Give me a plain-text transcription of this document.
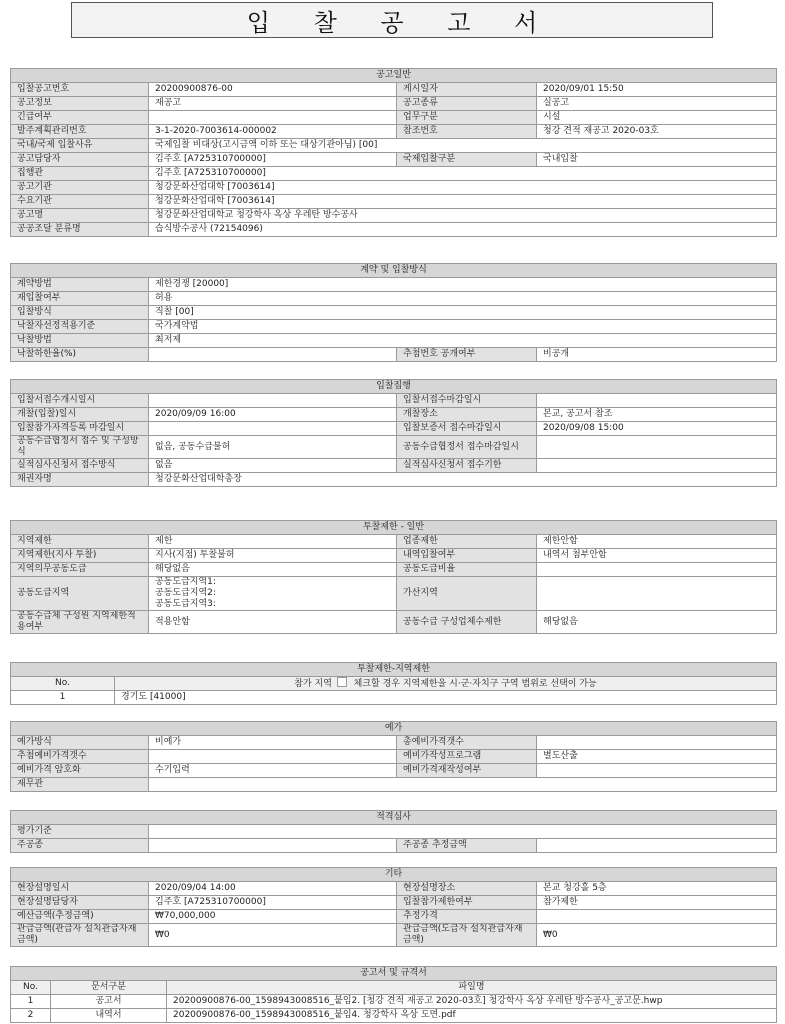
입 찰 공 고 서
공고일반			
입찰공고번호	20200900876-00	게시일자	2020/09/01 15:50
공고정보	재공고	공고종류	실공고
긴급여부		업무구분	시설
발주계획관리번호	3-1-2020-7003614-000002	참조번호	청강 견적 재공고 2020-03호
국내/국제 입찰사유	국제입찰 비대상(고시금액 이하 또는 대상기관아님) [00]		
공고담당자	김주호 [A725310700000]	국제입찰구분	국내입찰
집행관	김주호 [A725310700000]		
공고기관	청강문화산업대학 [7003614]		
수요기관	청강문화산업대학 [7003614]		
공고명	청강문화산업대학교 청강학사 옥상 우레탄 방수공사		
공공조달 분류명	습식방수공사 (72154096)		
계약 및 입찰방식			
계약방법	제한경쟁 [20000]		
재입찰여부	허용		
입찰방식	직찰 [00]		
낙찰자선정적용기준	국가계약법		
낙찰방법	최저제		
낙찰하한율(%)		추첨번호 공개여부	비공개
입찰집행			
입찰서접수개시일시		입찰서접수마감일시	
개찰(입찰)일시	2020/09/09 16:00	개찰장소	본교, 공고서 참조
입찰참가자격등록 마감일시		입찰보증서 접수마감일시	2020/09/08 15:00
공동수급협정서 접수 및 구성방식	없음, 공동수급불허	공동수급협정서 접수마감일시	
실적심사신청서 접수방식	없음	실적심사신청서 접수기한	
채권자명	청강문화산업대학총장		
투찰제한 - 일반			
지역제한	제한	업종제한	제한안함
지역제한(지사 투찰)	지사(지점) 투찰불허	내역입찰여부	내역서 첨부안함
지역의무공동도급	해당없음	공동도급비율	
공동도급지역	공동도급지역1:
공동도급지역2:
공동도급지역3:	가산지역	
공동수급체 구성원 지역제한적용여부	적용안함	공동수급 구성업체수제한	해당없음
투찰제한-지역제한	
No.	참가 지역 체크할 경우 지역제한을 시·군·자치구 구역 범위로 선택이 가능
1	경기도 [41000]
예가			
예가방식	비예가	총예비가격갯수	
추첨예비가격갯수		예비가작성프로그램	별도산출
예비가격 암호화	수기입력	예비가격재작성여부	
재무관			
적격심사			
평가기준			
주공종		주공종 추정금액	
기타			
현장설명일시	2020/09/04 14:00	현장설명장소	본교 청강홀 5층
현장설명담당자	김주호 [A725310700000]	입찰참가제한여부	참가제한
예산금액(추정금액)	₩70,000,000	추정가격	
관급금액(관급자 설치관급자재금액)	₩0	관급금액(도급자 설치관급자재금액)	₩0
공고서 및 규격서		
No.	문서구분	파일명
1	공고서	20200900876-00_1598943008516_붙임2. [청강 견적 재공고 2020-03호] 청강학사 옥상 우레탄 방수공사_공고문.hwp
2	내역서	20200900876-00_1598943008516_붙임4. 청강학사 옥상 도면.pdf
